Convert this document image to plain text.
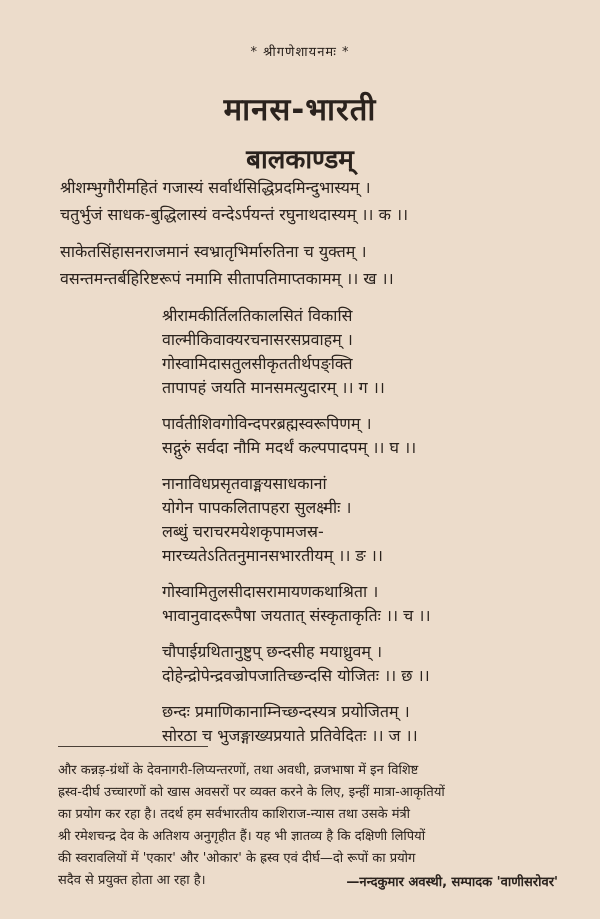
* श्रीगणेशायनमः *
मानस-भारती
बालकाण्डम्
श्रीशम्भुगौरीमहितं गजास्यं सर्वार्थसिद्धिप्रदमिन्दुभास्यम् ।
चतुर्भुजं साधक-बुद्धिलास्यं वन्देऽर्पयन्तं रघुनाथदास्यम् ।। क ।।
साकेतसिंहासनराजमानं स्वभ्रातृभिर्मारुतिना च युक्तम् ।
वसन्तमन्तर्बहिरिष्टरूपं नमामि सीतापतिमाप्तकामम् ।। ख ।।
श्रीरामकीर्तिलतिकालसितं विकासि
वाल्मीकिवाक्यरचनासरसप्रवाहम् ।
गोस्वामिदासतुलसीकृततीर्थपङ्क्ति
तापापहं जयति मानसमत्युदारम् ।। ग ।।
पार्वतीशिवगोविन्दपरब्रह्मस्वरूपिणम् ।
सद्गुरुं सर्वदा नौमि मदर्थं कल्पपादपम् ।। घ ।।
नानाविधप्रसृतवाङ्मयसाधकानां
योगेन पापकलितापहरा सुलक्ष्मीः ।
लब्धुं चराचरमयेशकृपामजस्र-
मारच्यतेऽतितनुमानसभारतीयम् ।। ङ ।।
गोस्वामितुलसीदासरामायणकथाश्रिता ।
भावानुवादरूपैषा जयतात् संस्कृताकृतिः ।। च ।।
चौपाईग्रथितानुष्टुप् छन्दसीह मयाध्रुवम् ।
दोहेन्द्रोपेन्द्रवज्रोपजातिच्छन्दसि योजितः ।। छ ।।
छन्दः प्रमाणिकानाम्निच्छन्दस्यत्र प्रयोजितम् ।
सोरठा च भुजङ्गाख्यप्रयाते प्रतिवेदितः ।। ज ।।
और कन्नड़-ग्रंथों के देवनागरी-लिप्यन्तरणों, तथा अवधी, व्रजभाषा में इन विशिष्ट
ह्रस्व-दीर्घ उच्चारणों को खास अवसरों पर व्यक्त करने के लिए, इन्हीं मात्रा-आकृतियों
का प्रयोग कर रहा है। तदर्थ हम सर्वभारतीय काशिराज-न्यास तथा उसके मंत्री
श्री रमेशचन्द्र देव के अतिशय अनुगृहीत हैं। यह भी ज्ञातव्य है कि दक्षिणी लिपियों
की स्वरावलियों में 'एकार' और 'ओकार' के ह्रस्व एवं दीर्घ—दो रूपों का प्रयोग
सदैव से प्रयुक्त होता आ रहा है।	—नन्दकुमार अवस्थी, सम्पादक 'वाणीसरोवर'
